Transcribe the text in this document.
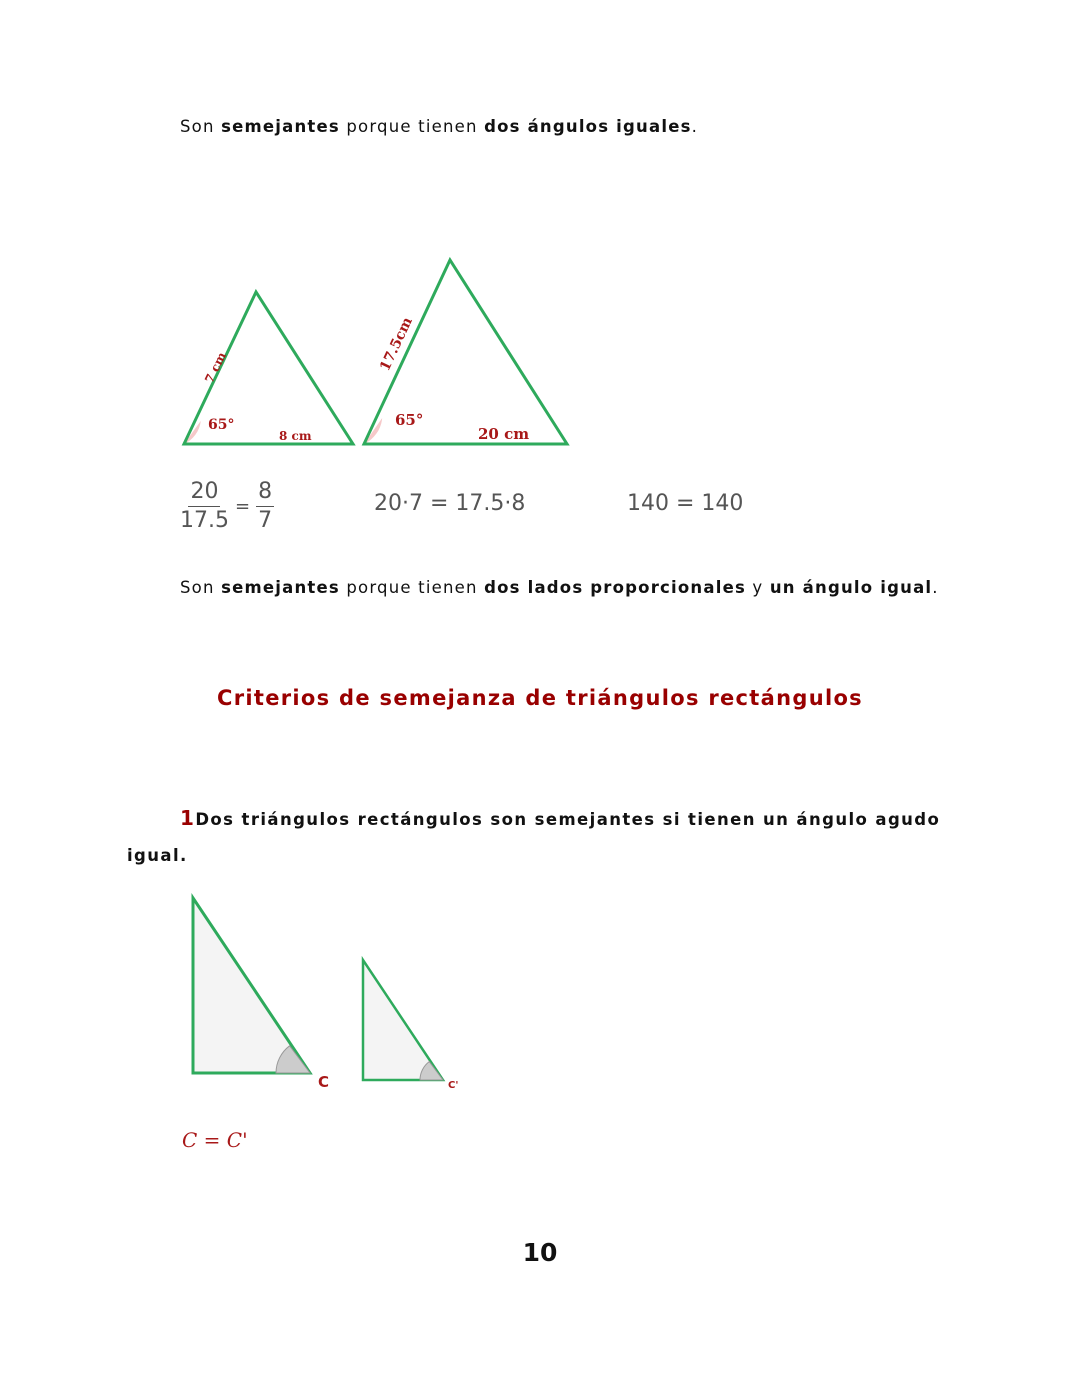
Son semejantes porque tienen dos ángulos iguales.
7 cm
65°
8 cm
17.5cm
65°
20 cm
$\frac{20}{17.5} = \frac{8}{7}$	20·7 = 17.5·8	140 = 140
Son semejantes porque tienen dos lados proporcionales y un ángulo igual.
Criterios de semejanza de triángulos rectángulos
1Dos triángulos rectángulos son semejantes si tienen un ángulo agudo
igual.
C	C'
C = C'
10
